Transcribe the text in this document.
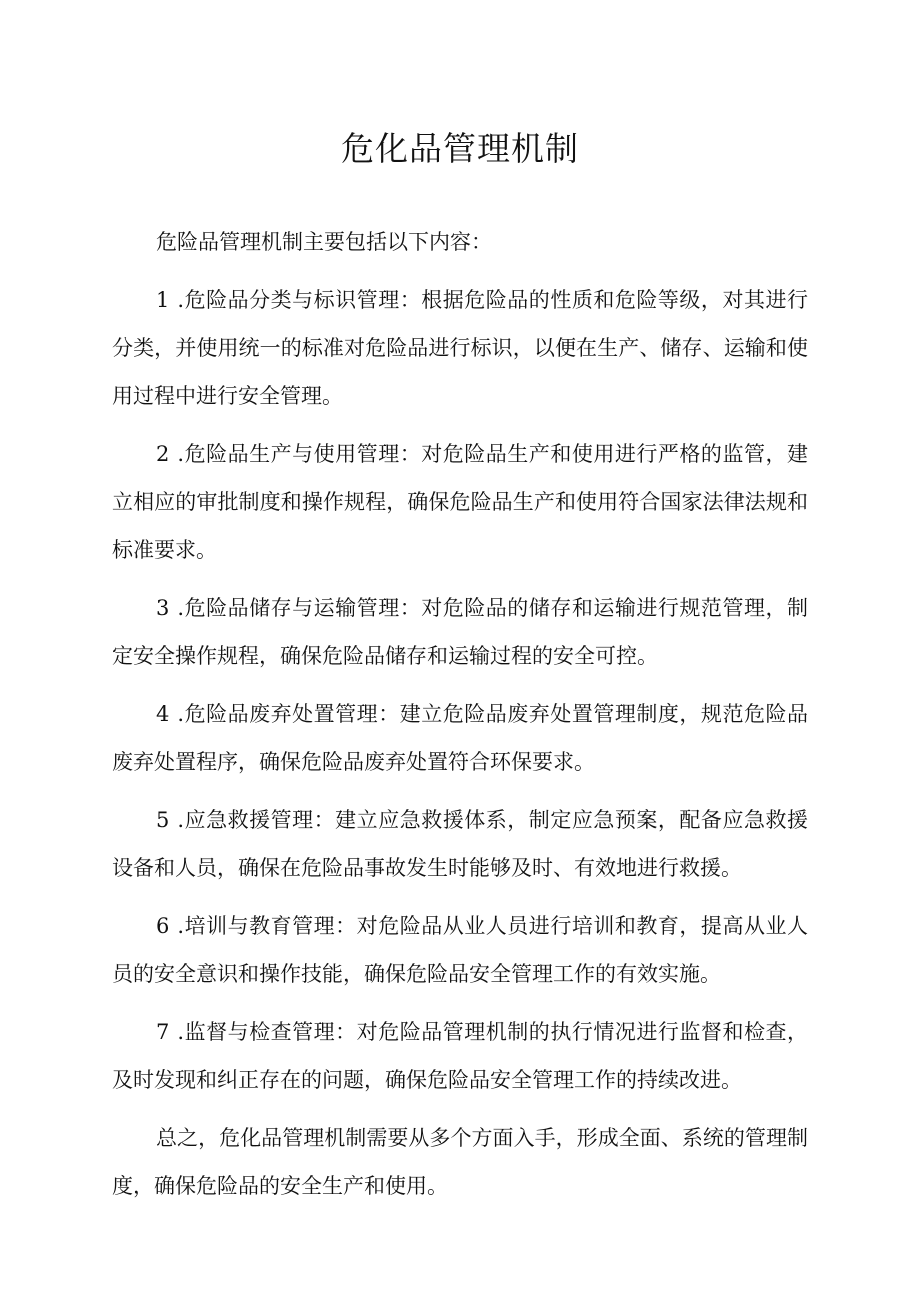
危化品管理机制

危险品管理机制主要包括以下内容：

1 .危险品分类与标识管理：根据危险品的性质和危险等级，对其进行分类，并使用统一的标准对危险品进行标识，以便在生产、储存、运输和使用过程中进行安全管理。

2 .危险品生产与使用管理：对危险品生产和使用进行严格的监管，建立相应的审批制度和操作规程，确保危险品生产和使用符合国家法律法规和标准要求。

3 .危险品储存与运输管理：对危险品的储存和运输进行规范管理，制定安全操作规程，确保危险品储存和运输过程的安全可控。

4 .危险品废弃处置管理：建立危险品废弃处置管理制度，规范危险品废弃处置程序，确保危险品废弃处置符合环保要求。

5 .应急救援管理：建立应急救援体系，制定应急预案，配备应急救援设备和人员，确保在危险品事故发生时能够及时、有效地进行救援。

6 .培训与教育管理：对危险品从业人员进行培训和教育，提高从业人员的安全意识和操作技能，确保危险品安全管理工作的有效实施。

7 .监督与检查管理：对危险品管理机制的执行情况进行监督和检查，及时发现和纠正存在的问题，确保危险品安全管理工作的持续改进。

总之，危化品管理机制需要从多个方面入手，形成全面、系统的管理制度，确保危险品的安全生产和使用。
